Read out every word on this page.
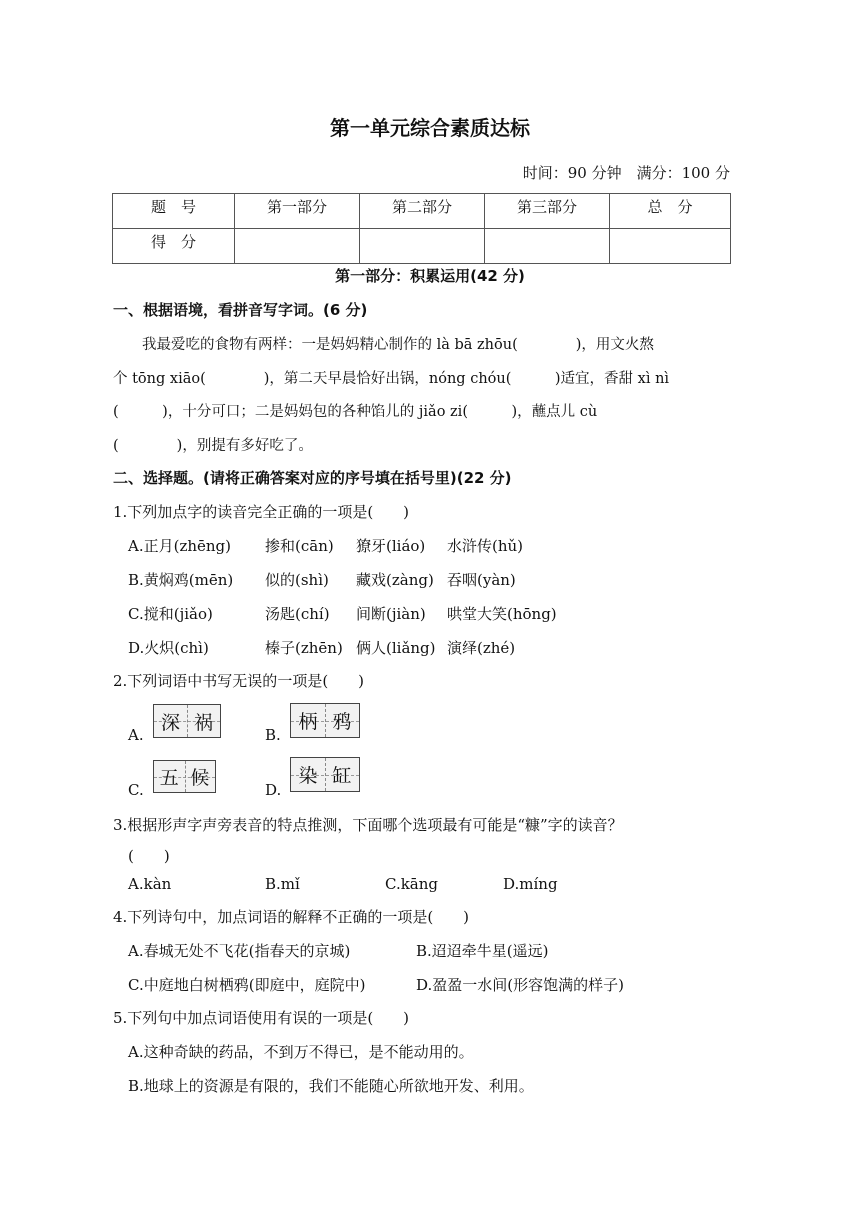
第一单元综合素质达标
时间：90 分钟　满分：100 分
题　号	第一部分	第二部分	第三部分	总　分
得　分				
第一部分：积累运用(42 分)
一、根据语境，看拼音写字词。(6 分)
　　我最爱吃的食物有两样：一是妈妈精心制作的 là bā zhōu(　　　　)，用文火熬
个 tōng xiāo(　　　　)，第二天早晨恰好出锅，nóng chóu(　　　)适宜，香甜 xì nì
(　　　)，十分可口；二是妈妈包的各种馅儿的 jiǎo zi(　　　)，蘸点儿 cù
(　　　　)，别提有多好吃了。
二、选择题。(请将正确答案对应的序号填在括号里)(22 分)
1.下列加点字的读音完全正确的一项是(　　)
A.正月(zhēng) 掺和(cān) 獠牙(liáo) 水浒传(hǔ)
B.黄焖鸡(mēn) 似的(shì) 藏戏(zàng) 吞咽(yàn)
C.搅和(jiǎo)	汤匙(chí) 间断(jiàn) 哄堂大笑(hōng)
D.火炽(chì)	榛子(zhēn) 俩人(liǎng) 演绎(zhé)
2.下列词语中书写无误的一项是(　　)
A.
深 祸
B.
柄 鸦
C.
五 候
D.
染 缸
3.根据形声字声旁表音的特点推测，下面哪个选项最有可能是“糠”字的读音？
(　　)
A.kàn	B.mǐ	C.kāng	D.míng
4.下列诗句中，加点词语的解释不正确的一项是(　　)
A.春城无处不飞花(指春天的京城)	B.迢迢牵牛星(遥远)
C.中庭地白树栖鸦(即庭中，庭院中)	D.盈盈一水间(形容饱满的样子)
5.下列句中加点词语使用有误的一项是(　　)
A.这种奇缺的药品，不到万不得已，是不能动用的。
B.地球上的资源是有限的，我们不能随心所欲地开发、利用。
